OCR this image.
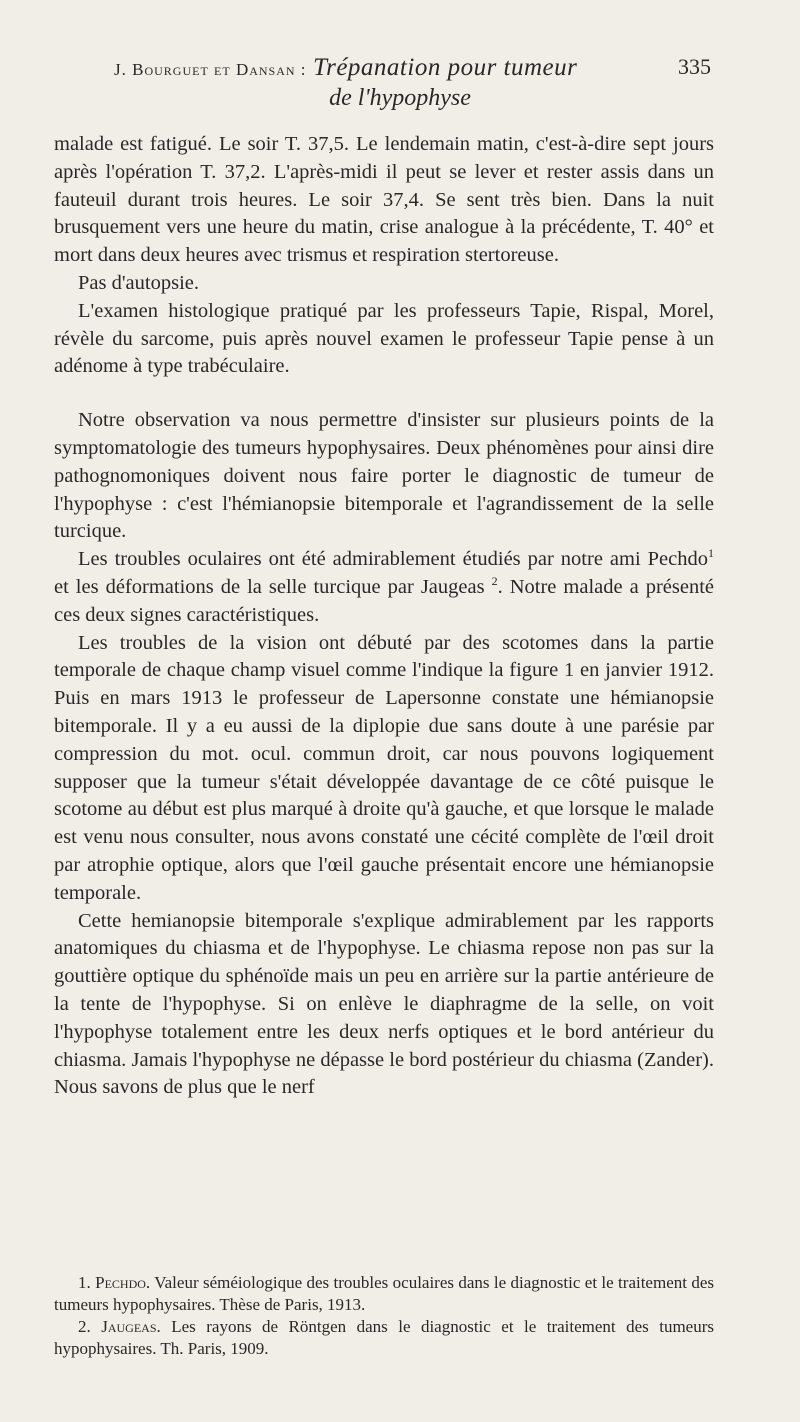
J. Bourguet et Dansan : Trépanation pour tumeur	335
de l'hypophyse

malade est fatigué. Le soir T. 37,5. Le lendemain matin, c'est-à-dire sept jours après l'opération T. 37,2. L'après-midi il peut se lever et rester assis dans un fauteuil durant trois heures. Le soir 37,4. Se sent très bien. Dans la nuit brusquement vers une heure du matin, crise analogue à la précédente, T. 40° et mort dans deux heures avec trismus et respiration stertoreuse.

Pas d'autopsie.

L'examen histologique pratiqué par les professeurs Tapie, Rispal, Morel, révèle du sarcome, puis après nouvel examen le professeur Tapie pense à un adénome à type trabéculaire.

Notre observation va nous permettre d'insister sur plusieurs points de la symptomatologie des tumeurs hypophysaires. Deux phénomènes pour ainsi dire pathognomoniques doivent nous faire porter le diagnostic de tumeur de l'hypophyse : c'est l'hémianopsie bitemporale et l'agrandissement de la selle turcique.

Les troubles oculaires ont été admirablement étudiés par notre ami Pechdo$^1$ et les déformations de la selle turcique par Jaugeas $^2$. Notre malade a présenté ces deux signes caractéristiques.

Les troubles de la vision ont débuté par des scotomes dans la partie temporale de chaque champ visuel comme l'indique la figure 1 en janvier 1912. Puis en mars 1913 le professeur de Lapersonne constate une hémianopsie bitemporale. Il y a eu aussi de la diplopie due sans doute à une parésie par compression du mot. ocul. commun droit, car nous pouvons logiquement supposer que la tumeur s'était développée davantage de ce côté puisque le scotome au début est plus marqué à droite qu'à gauche, et que lorsque le malade est venu nous consulter, nous avons constaté une cécité complète de l'œil droit par atrophie optique, alors que l'œil gauche présentait encore une hémianopsie temporale.

Cette hemianopsie bitemporale s'explique admirablement par les rapports anatomiques du chiasma et de l'hypophyse. Le chiasma repose non pas sur la gouttière optique du sphénoïde mais un peu en arrière sur la partie antérieure de la tente de l'hypophyse. Si on enlève le diaphragme de la selle, on voit l'hypophyse totalement entre les deux nerfs optiques et le bord antérieur du chiasma. Jamais l'hypophyse ne dépasse le bord postérieur du chiasma (Zander). Nous savons de plus que le nerf

1. Pechdo. Valeur séméiologique des troubles oculaires dans le diagnostic et le traitement des tumeurs hypophysaires. Thèse de Paris, 1913.

2. Jaugeas. Les rayons de Röntgen dans le diagnostic et le traitement des tumeurs hypophysaires. Th. Paris, 1909.
